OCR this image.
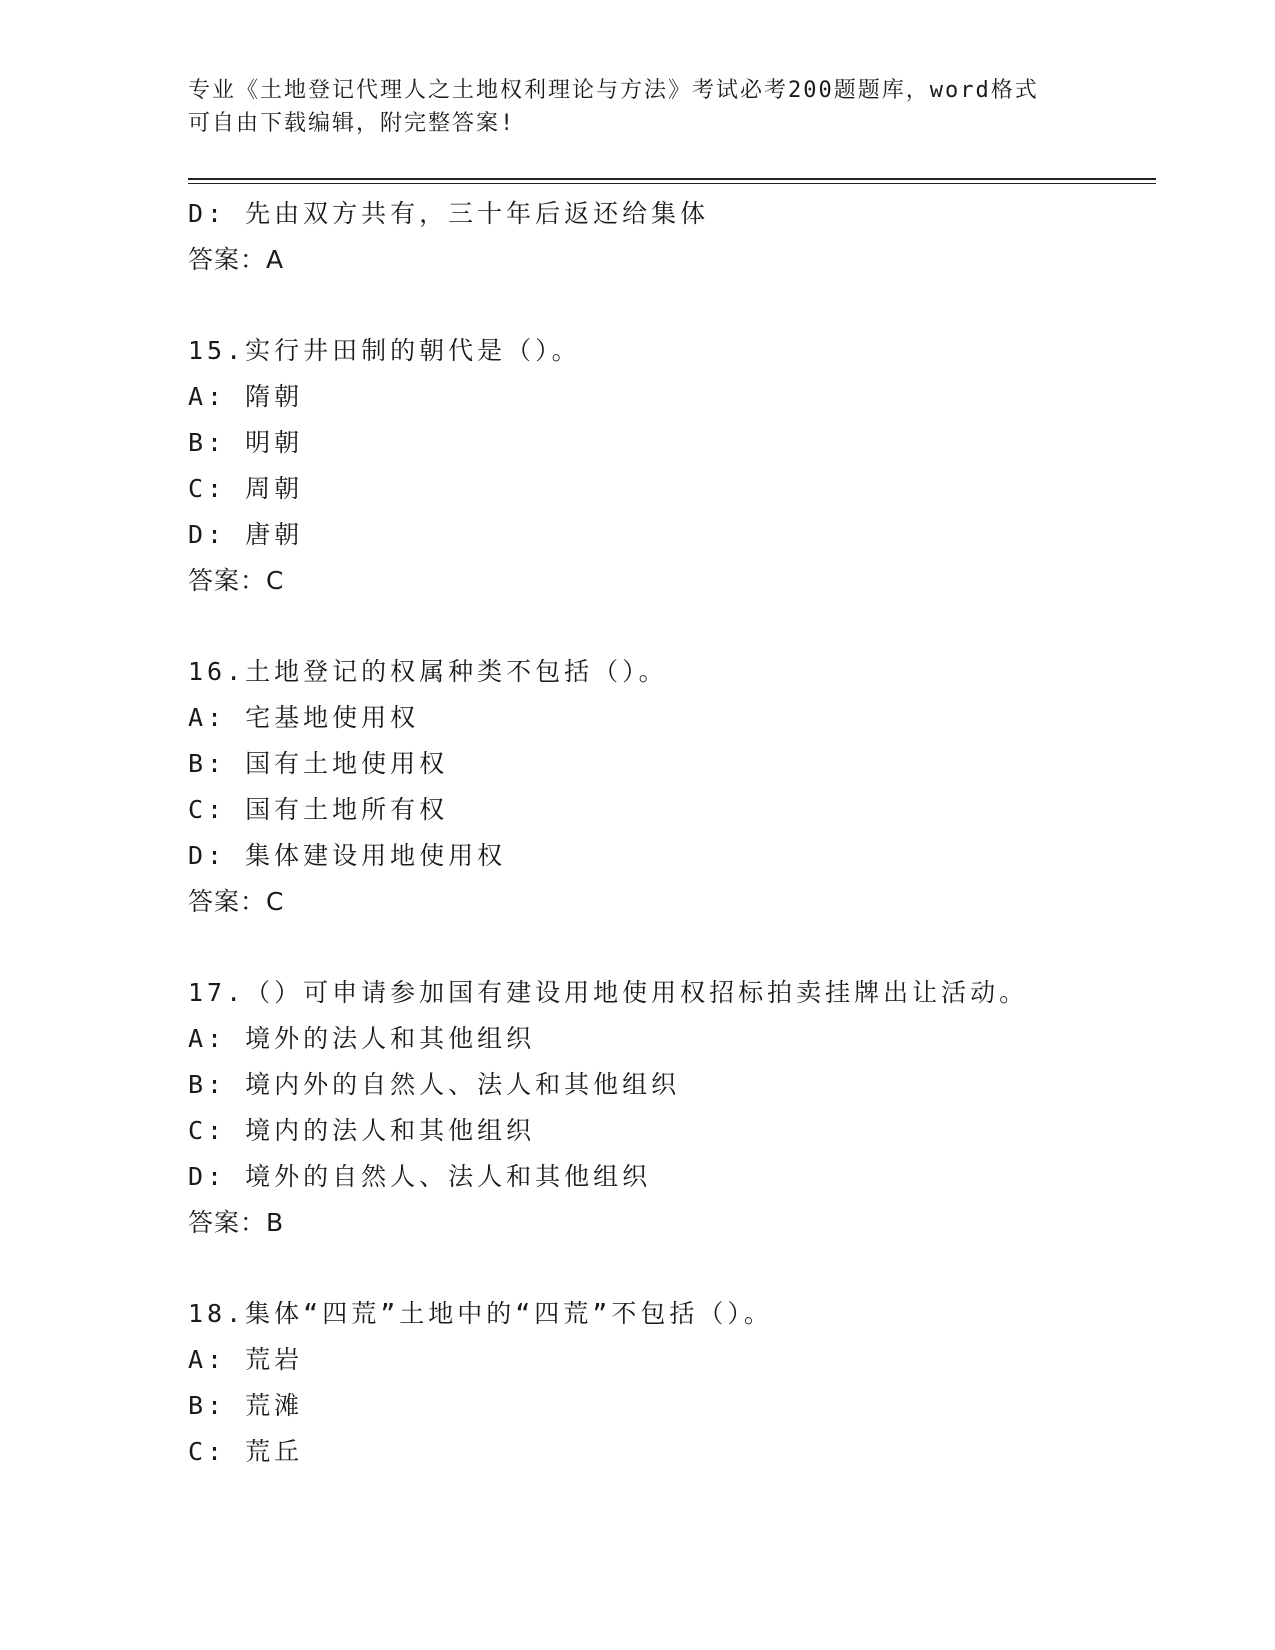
专业《土地登记代理人之土地权利理论与方法》考试必考200题题库，word格式
可自由下载编辑，附完整答案!
D: 先由双方共有，三十年后返还给集体
答案：A
15.实行井田制的朝代是（）。
A: 隋朝
B: 明朝
C: 周朝
D: 唐朝
答案：C
16.土地登记的权属种类不包括（）。
A: 宅基地使用权
B: 国有土地使用权
C: 国有土地所有权
D: 集体建设用地使用权
答案：C
17.（）可申请参加国有建设用地使用权招标拍卖挂牌出让活动。
A: 境外的法人和其他组织
B: 境内外的自然人、法人和其他组织
C: 境内的法人和其他组织
D: 境外的自然人、法人和其他组织
答案：B
18.集体“四荒”土地中的“四荒”不包括（）。
A: 荒岩
B: 荒滩
C: 荒丘
